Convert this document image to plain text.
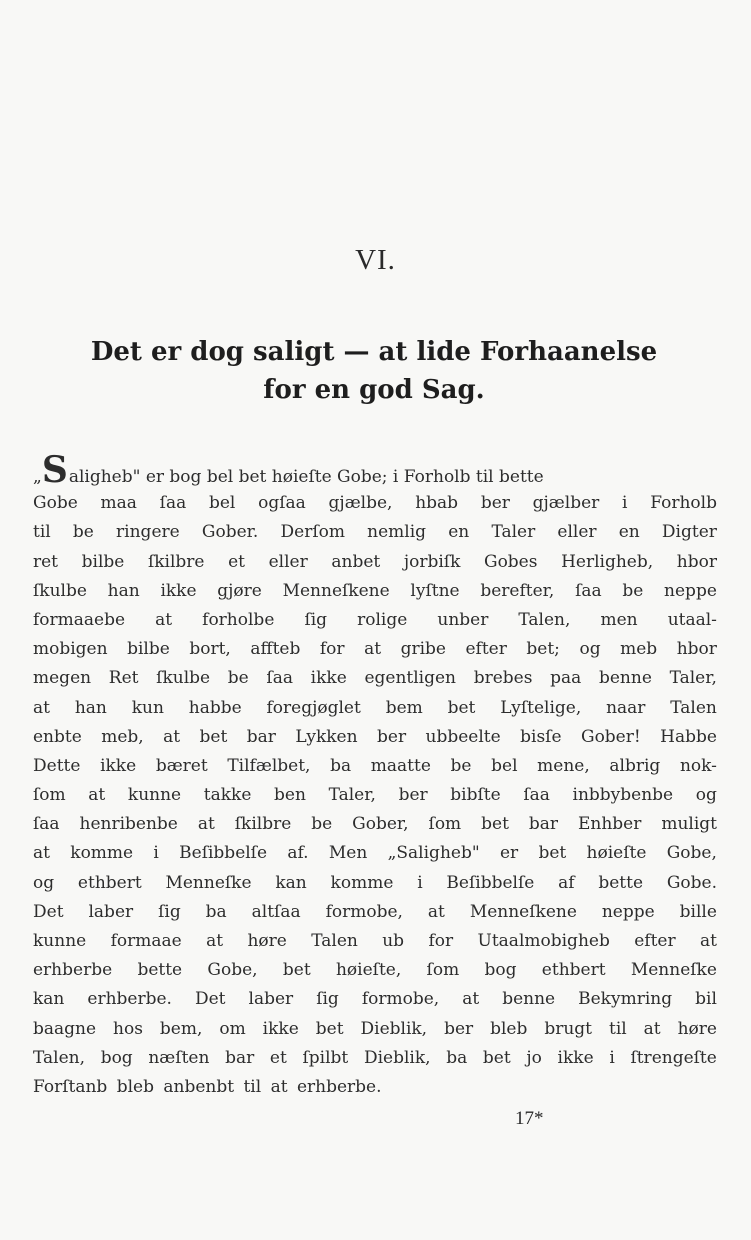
VI.
Det er dog saligt — at lide Forhaanelse
for en god Sag.
„Saligheb" er bog bel bet høieſte Gobe; i Forholb til bette
Gobe maa ſaa bel ogſaa gjælbe, hbab ber gjælber i Forholb
til be ringere Gober. Derſom nemlig en Taler eller en Digter
ret bilbe ſkilbre et eller anbet jorbiſk Gobes Herligheb, hbor
ſkulbe han ikke gjøre Menneſkene lyſtne berefter, ſaa be neppe
formaaebe at forholbe ſig rolige unber Talen, men utaal-
mobigen bilbe bort, affteb for at gribe efter bet; og meb hbor
megen Ret ſkulbe be ſaa ikke egentligen brebes paa benne Taler,
at han kun habbe foregjøglet bem bet Lyſtelige, naar Talen
enbte meb, at bet bar Lykken ber ubbeelte bisſe Gober! Habbe
Dette ikke bæret Tilfælbet, ba maatte be bel mene, albrig nok-
ſom at kunne takke ben Taler, ber bibſte ſaa inbbybenbe og
ſaa henribenbe at ſkilbre be Gober, ſom bet bar Enhber muligt
at komme i Beſibbelſe af. Men „Saligheb" er bet høieſte Gobe,
og ethbert Menneſke kan komme i Beſibbelſe af bette Gobe.
Det laber ſig ba altſaa formobe, at Menneſkene neppe bille
kunne formaae at høre Talen ub for Utaalmobigheb efter at
erhberbe bette Gobe, bet høieſte, ſom bog ethbert Menneſke
kan erhberbe. Det laber ſig formobe, at benne Bekymring bil
baagne hos bem, om ikke bet Dieblik, ber bleb brugt til at høre
Talen, bog næſten bar et ſpilbt Dieblik, ba bet jo ikke i ſtrengeſte
Forſtanb bleb anbenbt til at erhberbe.
17*
